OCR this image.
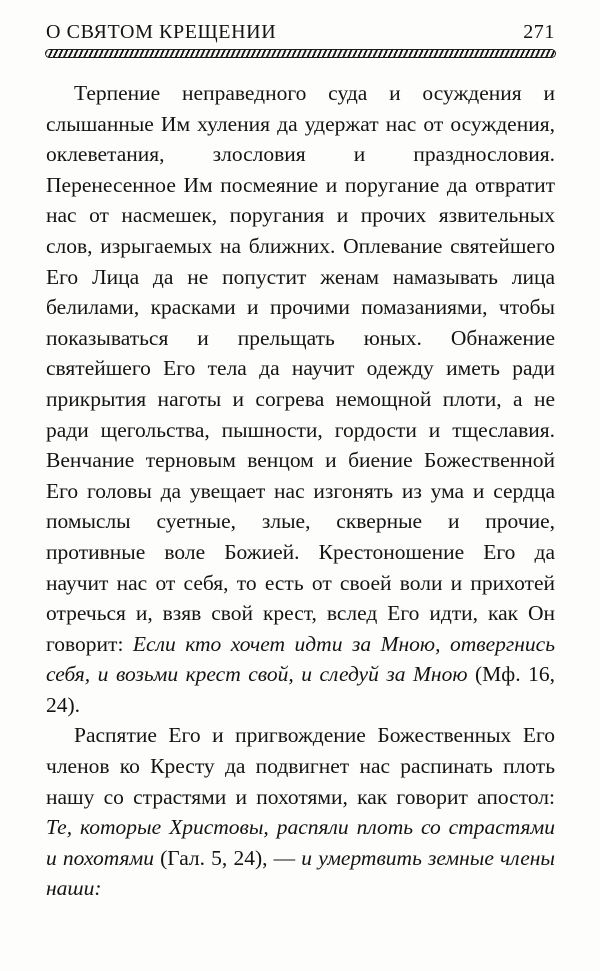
О СВЯТОМ КРЕЩЕНИИ	271

Терпение неправедного суда и осуждения и слышанные Им хуления да удержат нас от осуждения, оклеветания, злословия и празднословия. Перенесенное Им посмеяние и поругание да отвратит нас от насмешек, поругания и прочих язвительных слов, изрыгаемых на ближних. Оплевание святейшего Его Лица да не попустит женам намазывать лица белилами, красками и прочими помазаниями, чтобы показываться и прельщать юных. Обнажение святейшего Его тела да научит одежду иметь ради прикрытия наготы и согрева немощной плоти, а не ради щегольства, пышности, гордости и тщеславия. Венчание терновым венцом и биение Божественной Его головы да увещает нас изгонять из ума и сердца помыслы суетные, злые, скверные и прочие, противные воле Божией. Крестоношение Его да научит нас от себя, то есть от своей воли и прихотей отречься и, взяв свой крест, вслед Его идти, как Он говорит: Если кто хочет идти за Мною, отвергнись себя, и возьми крест свой, и следуй за Мною (Мф. 16, 24).

Распятие Его и пригвождение Божественных Его членов ко Кресту да подвигнет нас распинать плоть нашу со страстями и похотями, как говорит апостол: Те, которые Христовы, распяли плоть со страстями и похотями (Гал. 5, 24), — и умертвить земные члены наши:
